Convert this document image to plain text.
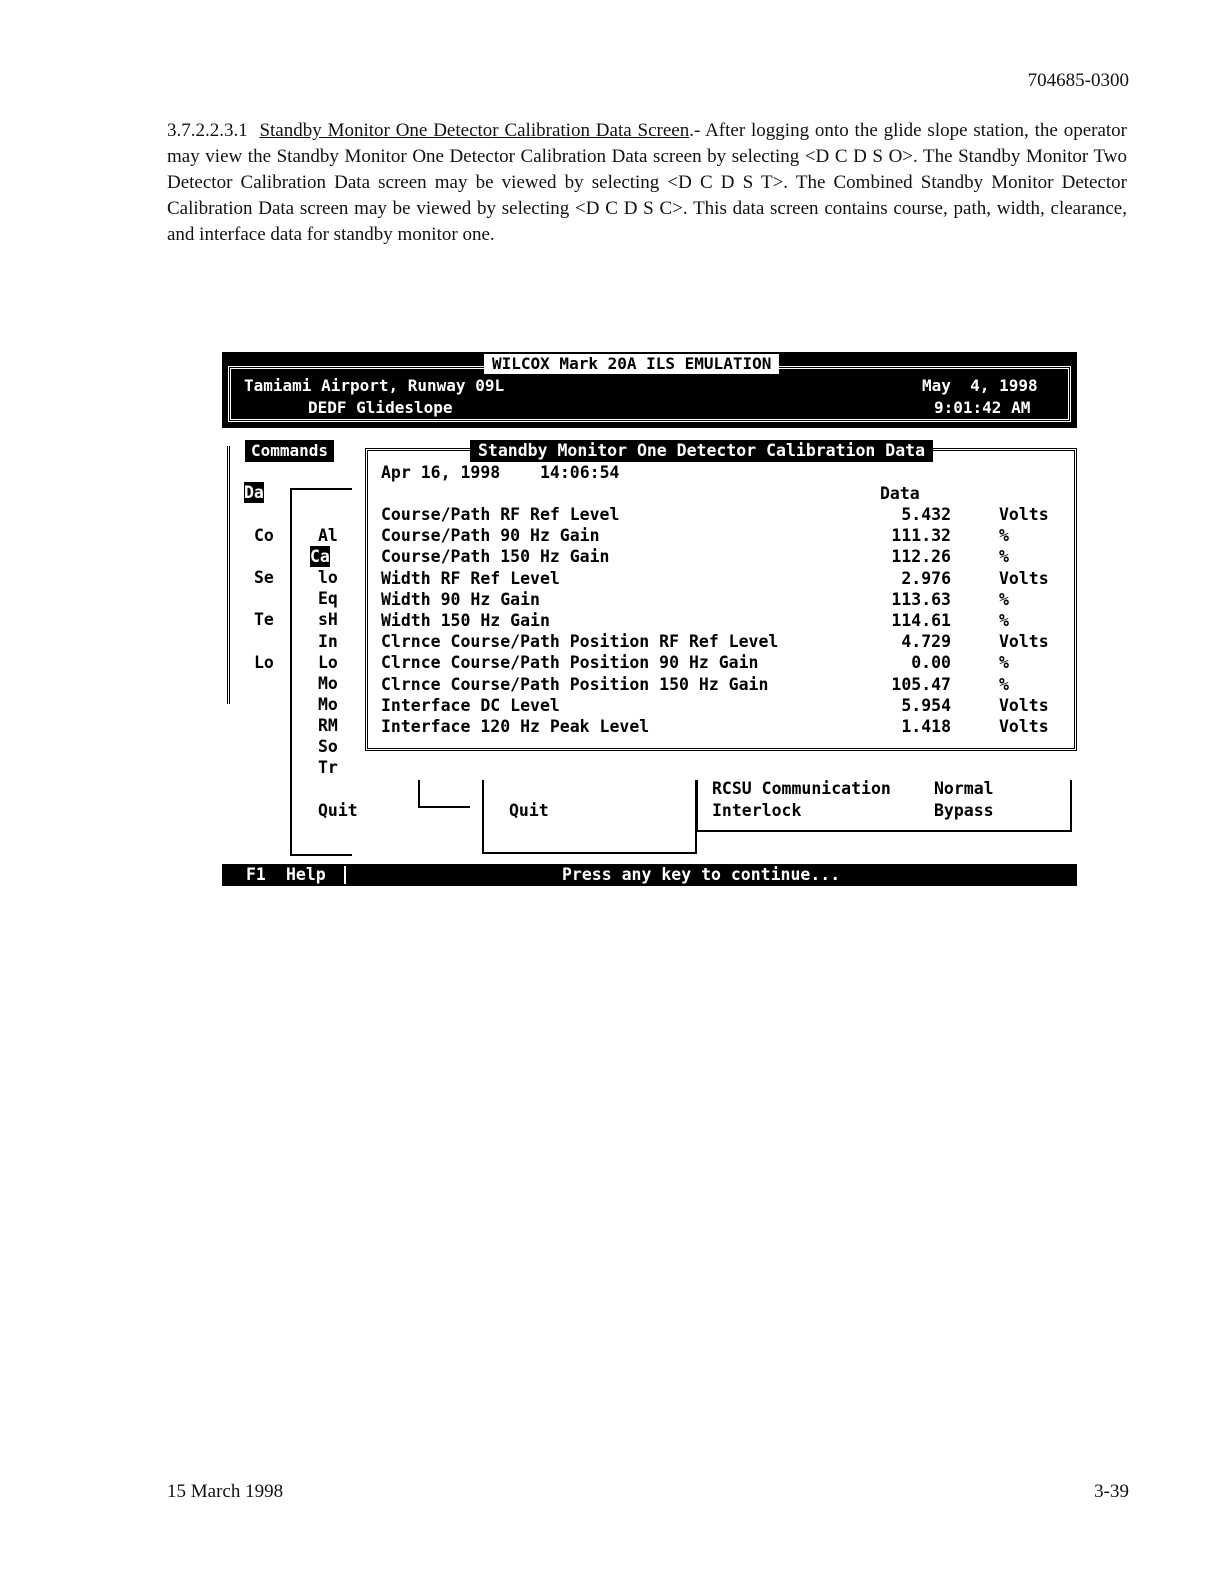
704685-0300
3.7.2.2.3.1 Standby Monitor One Detector Calibration Data Screen.- After logging onto the glide slope station, the operator may view the Standby Monitor One Detector Calibration Data screen by selecting <D C D S O>. The Standby Monitor Two Detector Calibration Data screen may be viewed by selecting <D C D S T>. The Combined Standby Monitor Detector Calibration Data screen may be viewed by selecting <D C D S C>. This data screen contains course, path, width, clearance, and interface data for standby monitor one.
WILCOX Mark 20A ILS EMULATION
Tamiami Airport, Runway 09L
DEDF Glideslope
May  4, 1998
9:01:42 AM
Commands
Da
Co
Se
Te
Lo
Al
Ca
lo
Eq
sH
In
Lo
Mo
Mo
RM
So
Tr
Quit	Quit
Standby Monitor One Detector Calibration Data
Apr 16, 1998 14:06:54
Data
Course/Path RF Ref Level	5.432	Volts
Course/Path 90 Hz Gain	111.32	%
Course/Path 150 Hz Gain	112.26	%
Width RF Ref Level	2.976	Volts
Width 90 Hz Gain	113.63	%
Width 150 Hz Gain	114.61	%
Clrnce Course/Path Position RF Ref Level	4.729	Volts
Clrnce Course/Path Position 90 Hz Gain	0.00	%
Clrnce Course/Path Position 150 Hz Gain	105.47	%
Interface DC Level	5.954	Volts
Interface 120 Hz Peak Level	1.418	Volts
RCSU Communication	Normal
Interlock	Bypass
F1 Help	Press any key to continue...
15 March 1998	3-39
